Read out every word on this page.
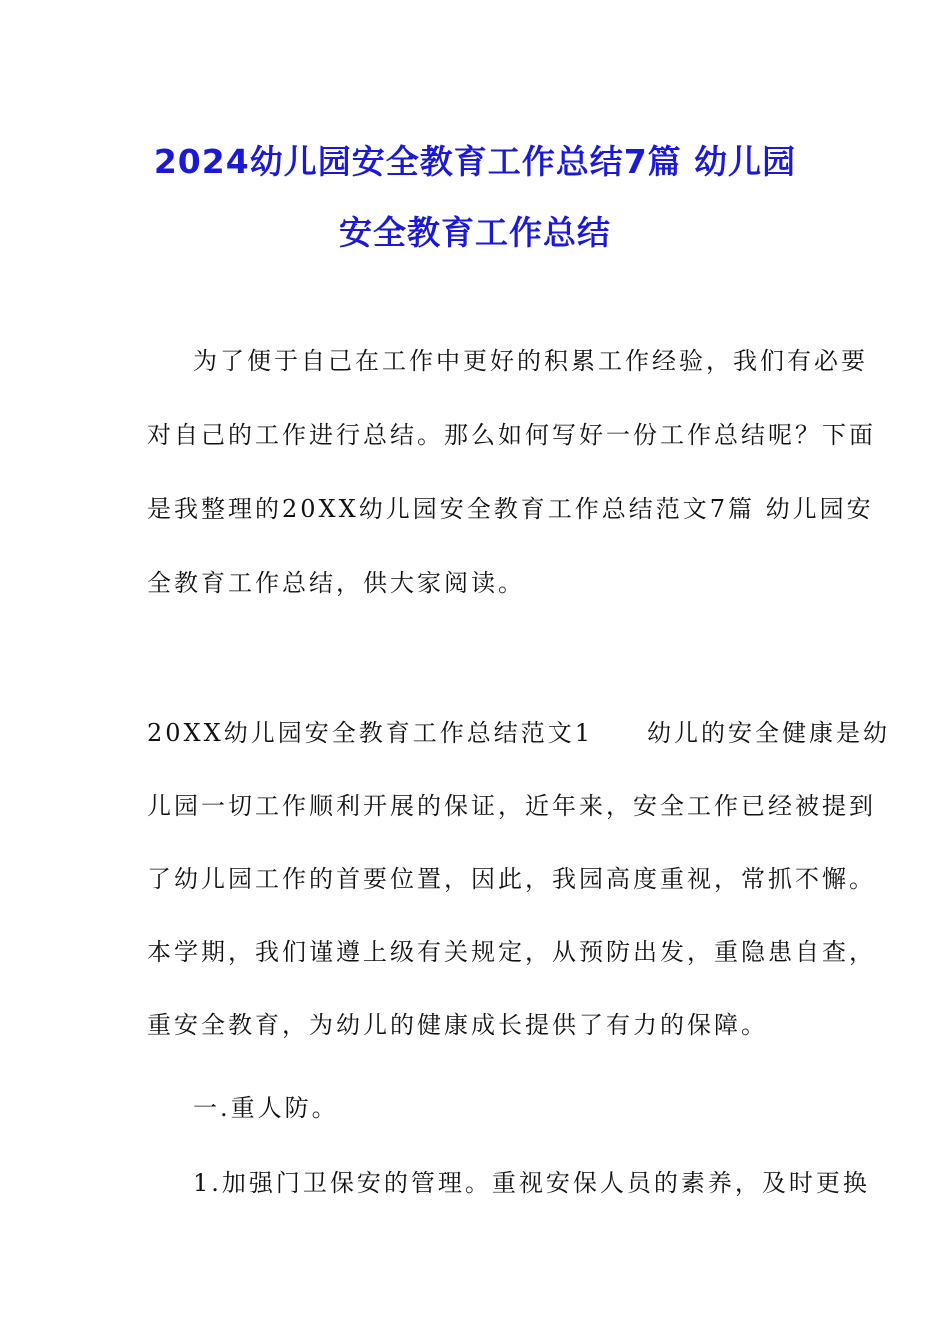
2024幼儿园安全教育工作总结7篇 幼儿园
安全教育工作总结
为了便于自己在工作中更好的积累工作经验，我们有必要
对自己的工作进行总结。那么如何写好一份工作总结呢？下面
是我整理的20XX幼儿园安全教育工作总结范文7篇 幼儿园安
全教育工作总结，供大家阅读。
20XX幼儿园安全教育工作总结范文1　　幼儿的安全健康是幼
儿园一切工作顺利开展的保证，近年来，安全工作已经被提到
了幼儿园工作的首要位置，因此，我园高度重视，常抓不懈。
本学期，我们谨遵上级有关规定，从预防出发，重隐患自查，
重安全教育，为幼儿的健康成长提供了有力的保障。
一.重人防。
1.加强门卫保安的管理。重视安保人员的素养，及时更换
